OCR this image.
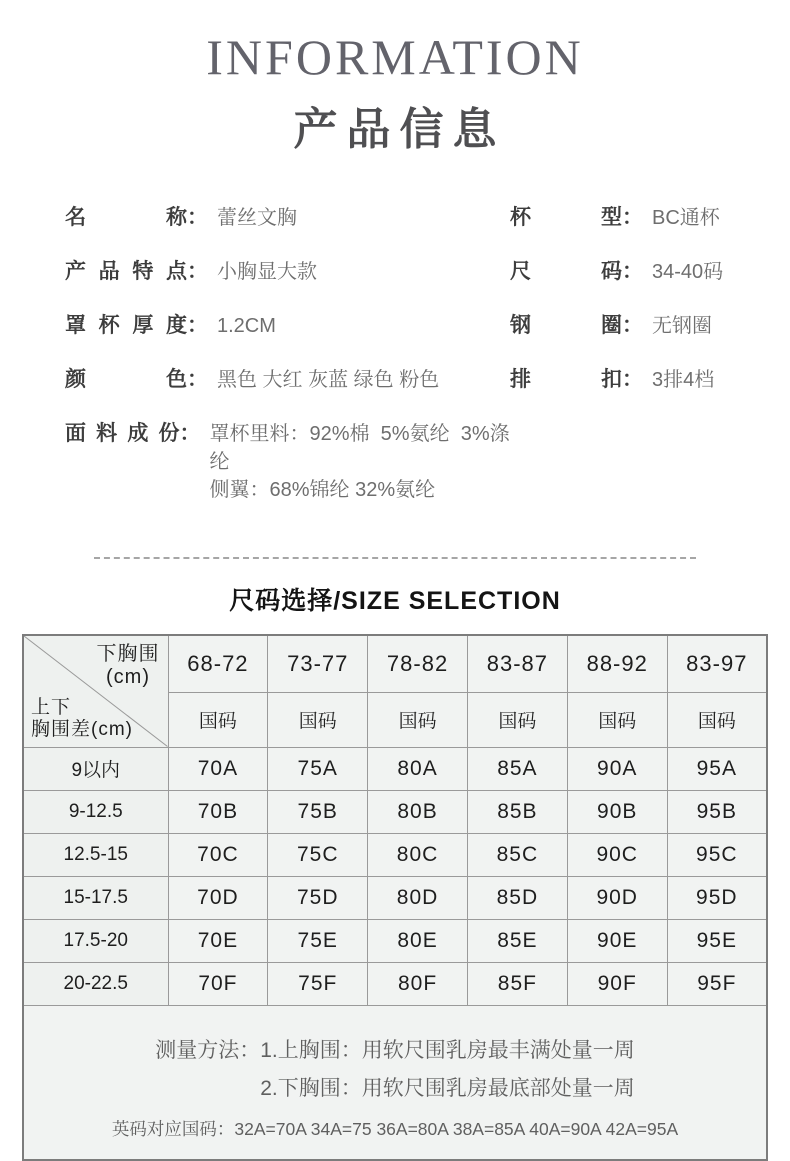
INFORMATION
产品信息
名称 ： 蕾丝文胸
产品特点 ： 小胸显大款
罩杯厚度 ： 1.2CM
颜色 ： 黑色 大红 灰蓝 绿色 粉色
面料成份 ： 罩杯里料：92%棉  5%氨纶  3%涤纶
侧翼：68%锦纶 32%氨纶
杯型 ： BC通杯
尺码 ： 34-40码
钢圈 ： 无钢圈
排扣 ： 3排4档
尺码选择/SIZE SELECTION
下胸围
(cm)
上下
胸围差(cm)	68-72	73-77	78-82	83-87	88-92	83-97
	国码	国码	国码	国码	国码	国码
9以内	70A	75A	80A	85A	90A	95A
9-12.5	70B	75B	80B	85B	90B	95B
12.5-15	70C	75C	80C	85C	90C	95C
15-17.5	70D	75D	80D	85D	90D	95D
17.5-20	70E	75E	80E	85E	90E	95E
20-22.5	70F	75F	80F	85F	90F	95F

测量方法： 1.上胸围：用软尺围乳房最丰满处量一周
2.下胸围：用软尺围乳房最底部处量一周
英码对应国码：32A=70A 34A=75 36A=80A 38A=85A 40A=90A 42A=95A						
